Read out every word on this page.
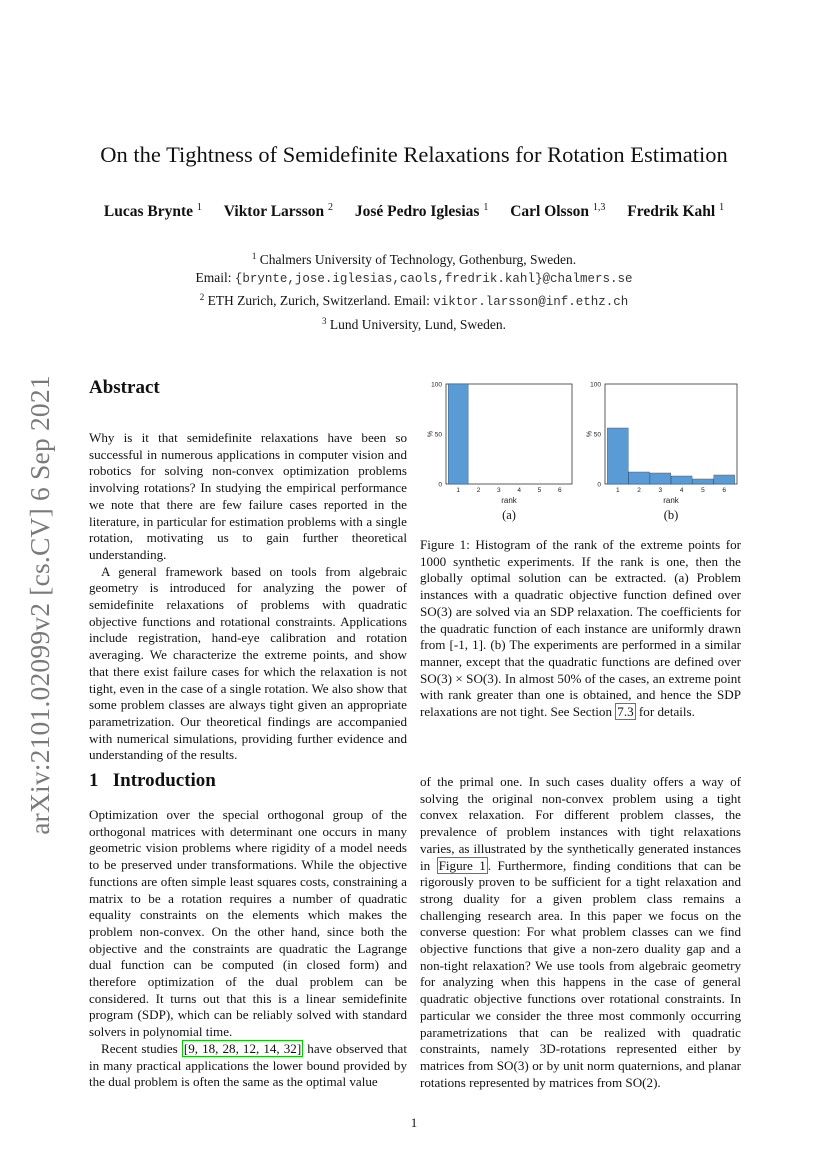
arXiv:2101.02099v2 [cs.CV] 6 Sep 2021
On the Tightness of Semidefinite Relaxations for Rotation Estimation
Lucas Brynte $^1$ Viktor Larsson $^2$ José Pedro Iglesias $^1$ Carl Olsson $^{1,3}$ Fredrik Kahl $^1$
$^1$ Chalmers University of Technology, Gothenburg, Sweden.
Email: {brynte,jose.iglesias,caols,fredrik.kahl}@chalmers.se
$^2$ ETH Zurich, Zurich, Switzerland. Email: viktor.larsson@inf.ethz.ch
$^3$ Lund University, Lund, Sweden.
Abstract

Why is it that semidefinite relaxations have been so successful in numerous applications in computer vision and robotics for solving non-convex optimization problems involving rotations? In studying the empirical performance we note that there are few failure cases reported in the literature, in particular for estimation problems with a single rotation, motivating us to gain further theoretical understanding.

A general framework based on tools from algebraic geometry is introduced for analyzing the power of semidefinite relaxations of problems with quadratic objective functions and rotational constraints. Applications include registration, hand-eye calibration and rotation averaging. We characterize the extreme points, and show that there exist failure cases for which the relaxation is not tight, even in the case of a single rotation. We also show that some problem classes are always tight given an appropriate parametrization. Our theoretical findings are accompanied with numerical simulations, providing further evidence and understanding of the results.

1 Introduction

Optimization over the special orthogonal group of the orthogonal matrices with determinant one occurs in many geometric vision problems where rigidity of a model needs to be preserved under transformations. While the objective functions are often simple least squares costs, constraining a matrix to be a rotation requires a number of quadratic equality constraints on the elements which makes the problem non-convex. On the other hand, since both the objective and the constraints are quadratic the Lagrange dual function can be computed (in closed form) and therefore optimization of the dual problem can be considered. It turns out that this is a linear semidefinite program (SDP), which can be reliably solved with standard solvers in polynomial time.

Recent studies [9, 18, 28, 12, 14, 32] have observed that in many practical applications the lower bound provided by the dual problem is often the same as the optimal value

of the primal one. In such cases duality offers a way of solving the original non-convex problem using a tight convex relaxation. For different problem classes, the prevalence of problem instances with tight relaxations varies, as illustrated by the synthetically generated instances in Figure 1 . Furthermore, finding conditions that can be rigorously proven to be sufficient for a tight relaxation and strong duality for a given problem class remains a challenging research area. In this paper we focus on the converse question: For what problem classes can we find objective functions that give a non-zero duality gap and a non-tight relaxation? We use tools from algebraic geometry for analyzing when this happens in the case of general quadratic objective functions over rotational constraints. In particular we consider the three most commonly occurring parametrizations that can be realized with quadratic constraints, namely 3D-rotations represented either by matrices from SO(3) or by unit norm quaternions, and planar rotations represented by matrices from SO(2).

0
50
100
%
1	2	3	4	5	6
rank
(a)
0
50
100
%
1	2	3	4	5	6
rank
(b)
Figure 1: Histogram of the rank of the extreme points for 1000 synthetic experiments. If the rank is one, then the globally optimal solution can be extracted. (a) Problem instances with a quadratic objective function defined over SO(3) are solved via an SDP relaxation. The coefficients for the quadratic function of each instance are uniformly drawn from [-1, 1]. (b) The experiments are performed in a similar manner, except that the quadratic functions are defined over SO(3) × SO(3). In almost 50% of the cases, an extreme point with rank greater than one is obtained, and hence the SDP relaxations are not tight. See Section 7.3 for details.
1
